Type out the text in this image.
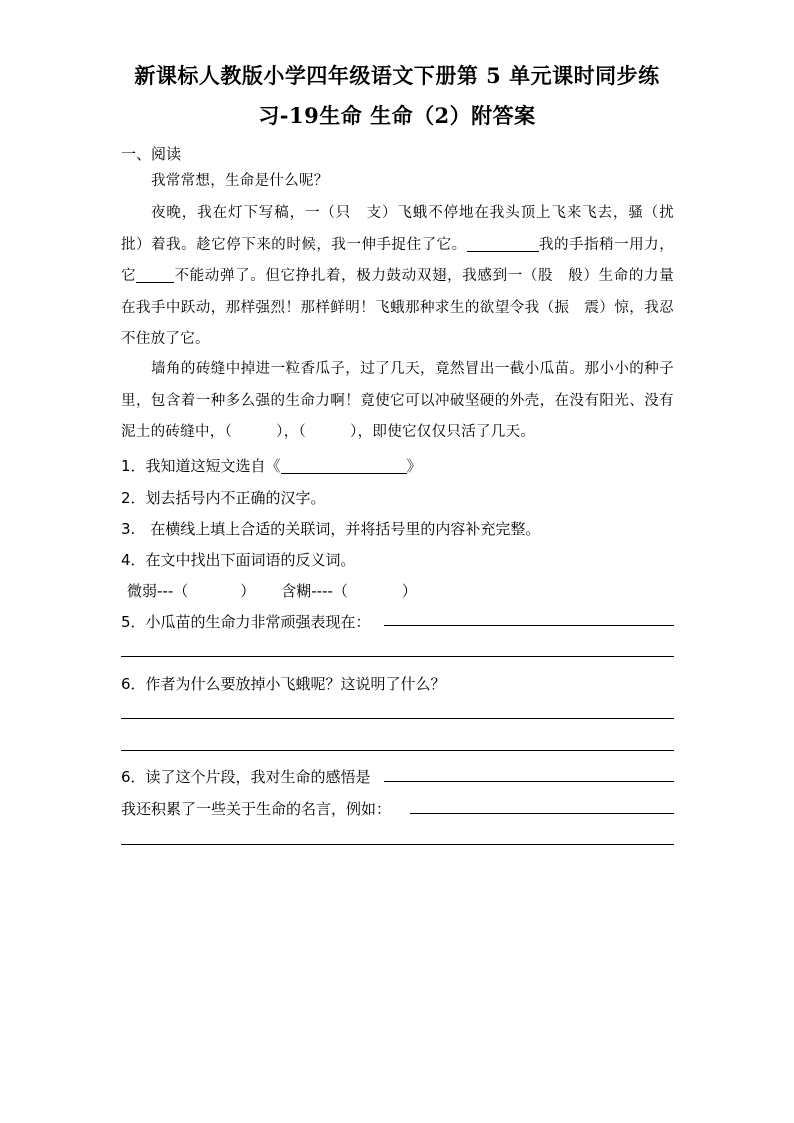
新课标人教版小学四年级语文下册第 5 单元课时同步练
习-19生命 生命（2）附答案
一、阅读
我常常想，生命是什么呢？
夜晚，我在灯下写稿，一（只　支）飞蛾不停地在我头顶上飞来飞去，骚（扰　批）着我。趁它停下来的时候，我一伸手捉住了它。	我的手指稍一用力，它	不能动弹了。但它挣扎着，极力鼓动双翅，我感到一（股　般）生命的力量在我手中跃动，那样强烈！那样鲜明！飞蛾那种求生的欲望令我（振　震）惊，我忍不住放了它。
墙角的砖缝中掉进一粒香瓜子，过了几天，竟然冒出一截小瓜苗。那小小的种子里，包含着一种多么强的生命力啊！竟使它可以冲破坚硬的外壳，在没有阳光、没有泥土的砖缝中，（	），（	），即使它仅仅只活了几天。
1．我知道这短文选自《	》
2．划去括号内不正确的汉字。
3.　在横线上填上合适的关联词，并将括号里的内容补充完整。
4．在文中找出下面词语的反义词。
微弱---（	） 含糊----（	）
5．小瓜苗的生命力非常顽强表现在：
6．作者为什么要放掉小飞蛾呢？这说明了什么？
6．读了这个片段，我对生命的感悟是
我还积累了一些关于生命的名言，例如：
